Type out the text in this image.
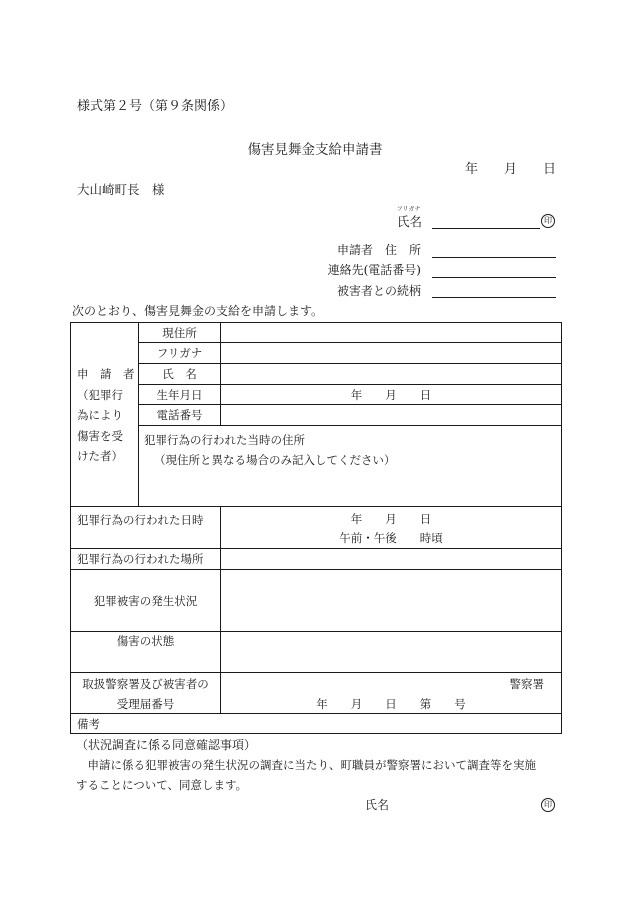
様式第２号（第９条関係）
傷害見舞金支給申請書
年　　月　　日
大山崎町長　様
フリガナ
氏名	印
申請者　住　所
連絡先(電話番号)
被害者との続柄
次のとおり、傷害見舞金の支給を申請します。
申　請　者
（犯罪行
為により
傷害を受
けた者）
現住所
フリガナ
氏　名
生年月日	年　　月　　日
電話番号
犯罪行為の行われた当時の住所
（現住所と異なる場合のみ記入してください）
犯罪行為の行われた日時	年　　月　　日
午前・午後　　時頃
犯罪行為の行われた場所
犯罪被害の発生状況
傷害の状態
取扱警察署及び被害者の
受理届番号
警察署
年　　月　　日　　第　　号
備考
（状況調査に係る同意確認事項）
　申請に係る犯罪被害の発生状況の調査に当たり、町職員が警察署において調査等を実施
することについて、同意します。
氏名	印
